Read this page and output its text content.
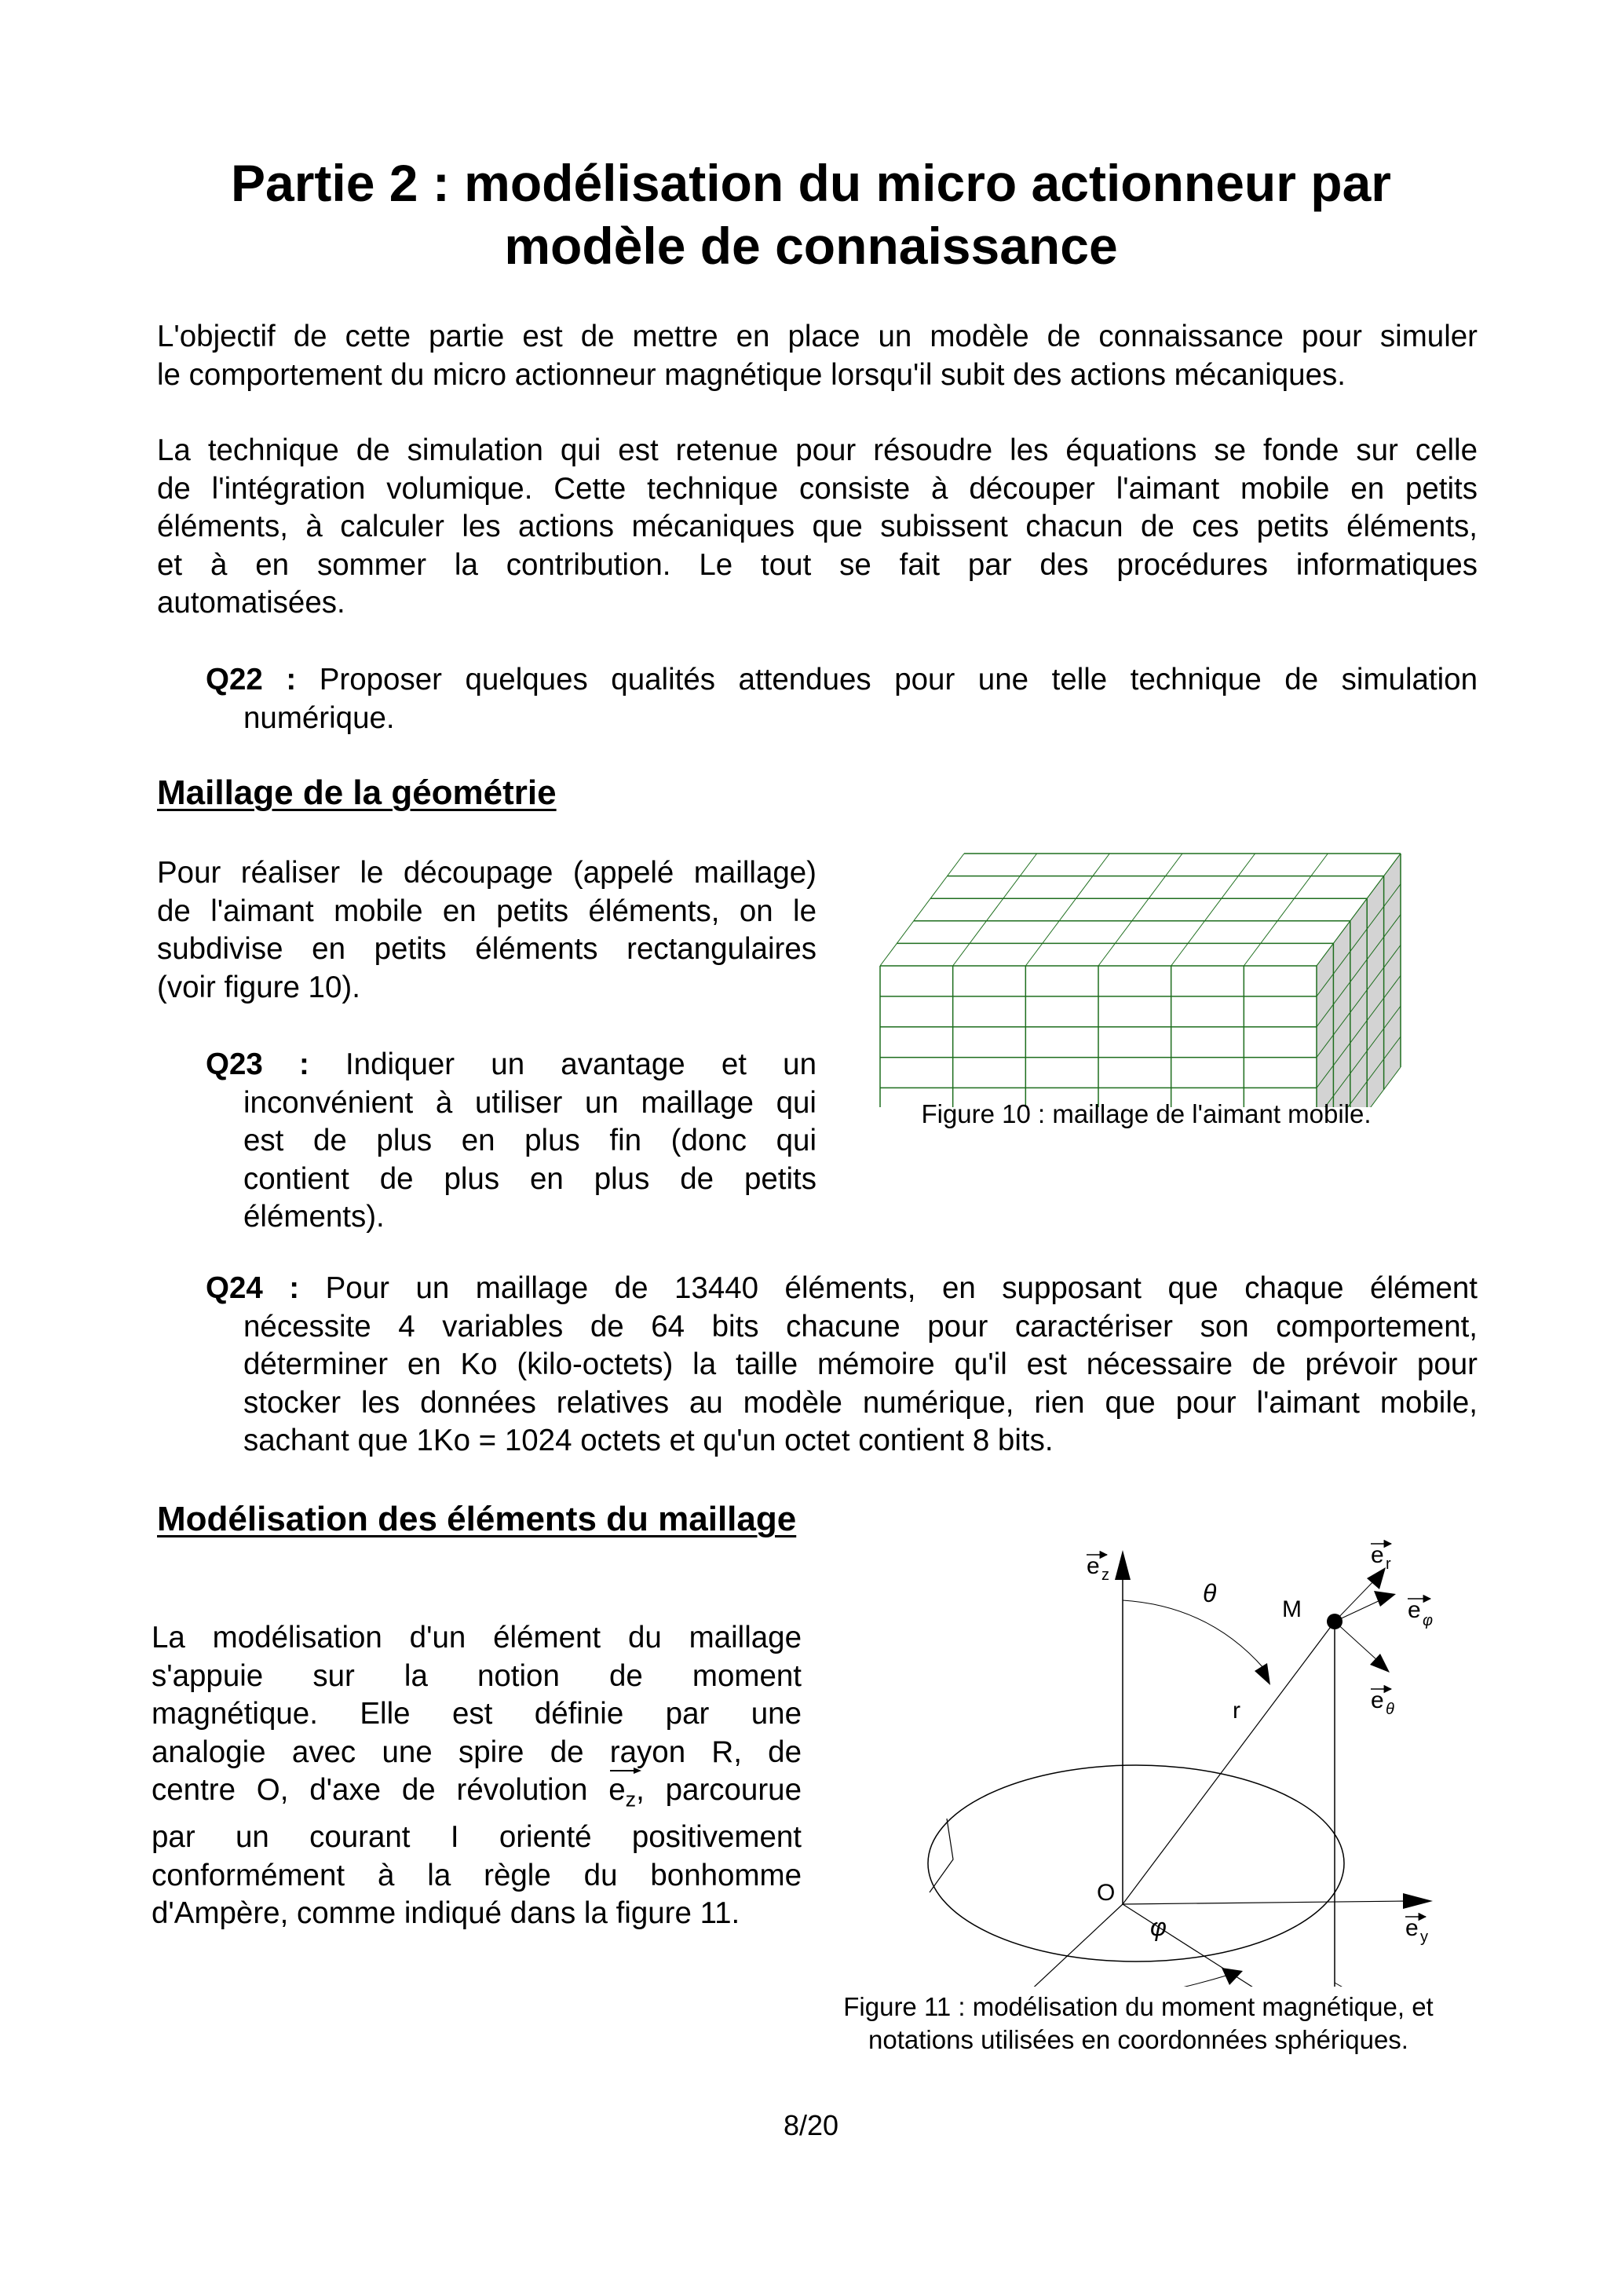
Partie 2 : modélisation du micro actionneur par
modèle de connaissance
L'objectif de cette partie est de mettre en place un modèle de connaissance pour simuler
le comportement du micro actionneur magnétique lorsqu'il subit des actions mécaniques.
La technique de simulation qui est retenue pour résoudre les équations se fonde sur celle
de l'intégration volumique. Cette technique consiste à découper l'aimant mobile en petits
éléments, à calculer les actions mécaniques que subissent chacun de ces petits éléments,
et à en sommer la contribution. Le tout se fait par des procédures informatiques
automatisées.
Q22 : Proposer quelques qualités attendues pour une telle technique de simulation
numérique.
Maillage de la géométrie
Pour réaliser le découpage (appelé maillage)
de l'aimant mobile en petits éléments, on le
subdivise en petits éléments rectangulaires
(voir figure 10).
Q23 : Indiquer un avantage et un
inconvénient à utiliser un maillage qui
est de plus en plus fin (donc qui
contient de plus en plus de petits
éléments).
Figure 10 : maillage de l'aimant mobile.
Q24 : Pour un maillage de 13440 éléments, en supposant que chaque élément
nécessite 4 variables de 64 bits chacune pour caractériser son comportement,
déterminer en Ko (kilo-octets) la taille mémoire qu'il est nécessaire de prévoir pour
stocker les données relatives au modèle numérique, rien que pour l'aimant mobile,
sachant que 1Ko = 1024 octets et qu'un octet contient 8 bits.
Modélisation des éléments du maillage
La modélisation d'un élément du maillage
s'appuie sur la notion de moment
magnétique. Elle est définie par une
analogie avec une spire de rayon R, de
centre O, d'axe de révolution $e_z$
, parcourue
par un courant I orienté positivement
conformément à la règle du bonhomme
d'Ampère, comme indiqué dans la figure 11.
e z
e r
e φ
e θ
e y
θ
φ
r
O
M
Figure 11 : modélisation du moment magnétique, et
notations utilisées en coordonnées sphériques.
8/20
